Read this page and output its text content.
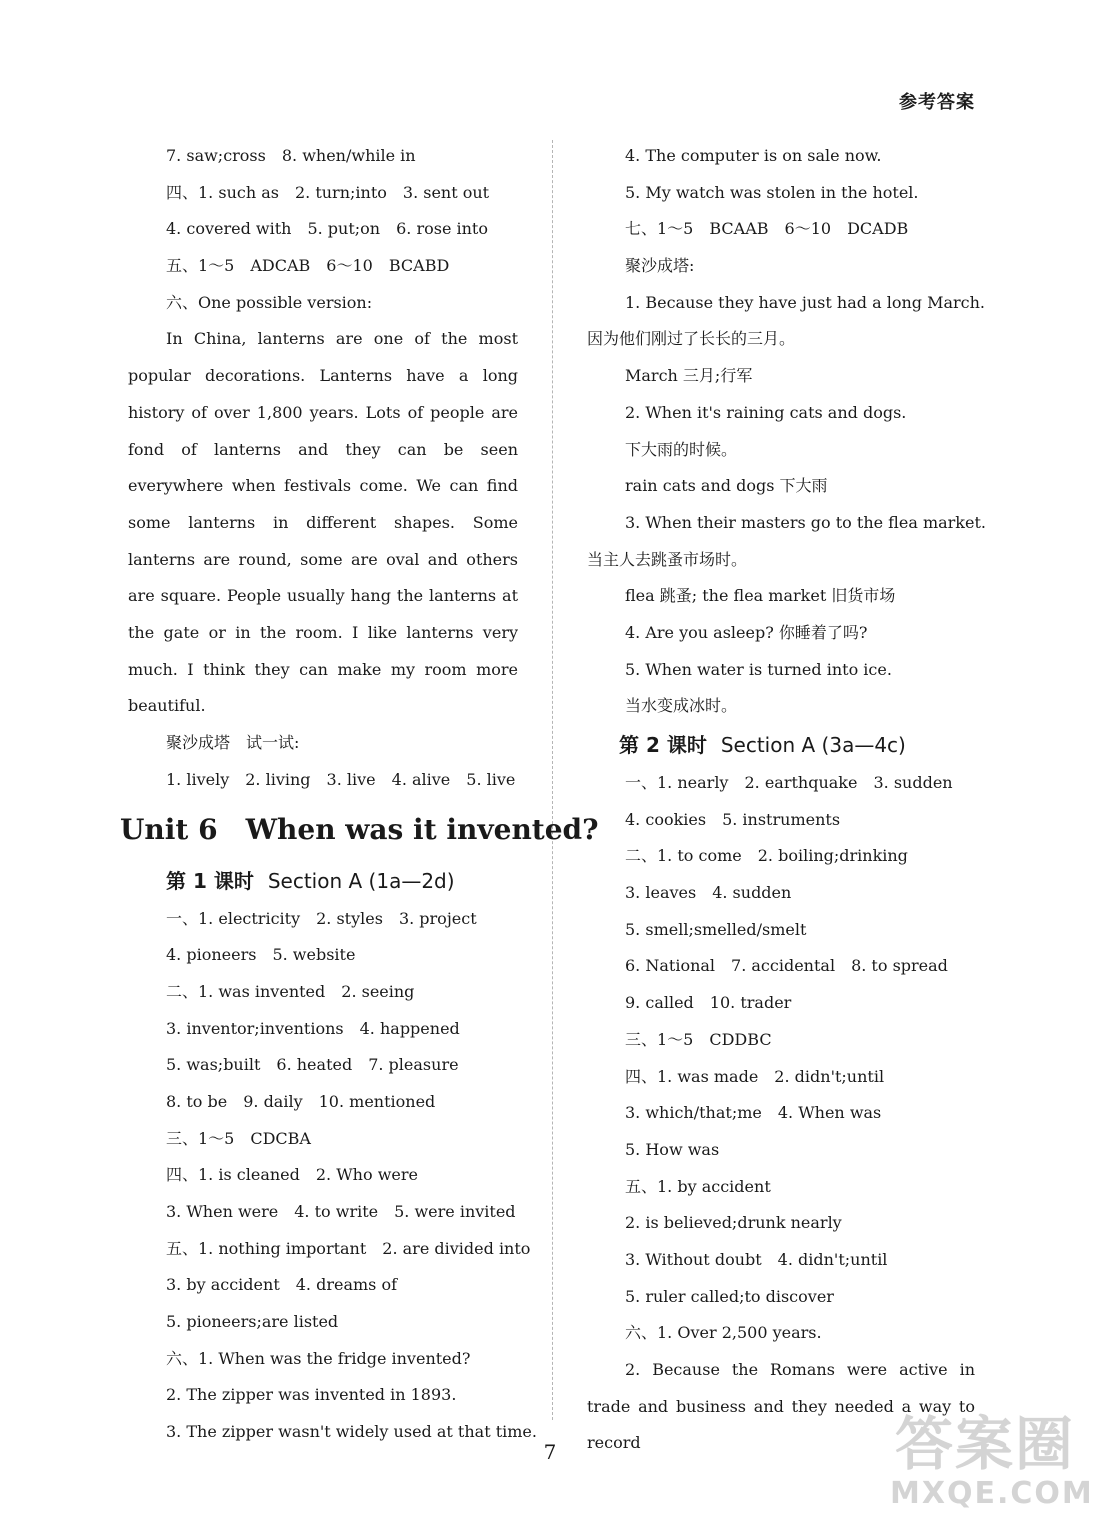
参考答案
7. saw;cross　8. when/while in
四、1. such as　2. turn;into　3. sent out
4. covered with　5. put;on　6. rose into
五、1～5　ADCAB　6～10　BCABD
六、One possible version:

In China, lanterns are one of the most popular decorations. Lanterns have a long history of over 1,800 years. Lots of people are fond of lanterns and they can be seen everywhere when festivals come. We can find some lanterns in different shapes. Some lanterns are round, some are oval and others are square. People usually hang the lanterns at the gate or in the room. I like lanterns very much. I think they can make my room more beautiful.

聚沙成塔　试一试:
1. lively　2. living　3. live　4. alive　5. live
Unit 6　When was it invented?
第 1 课时 Section A (1a—2d)
一、1. electricity　2. styles　3. project
4. pioneers　5. website
二、1. was invented　2. seeing
3. inventor;inventions　4. happened
5. was;built　6. heated　7. pleasure
8. to be　9. daily　10. mentioned
三、1～5　CDCBA
四、1. is cleaned　2. Who were
3. When were　4. to write　5. were invited
五、1. nothing important　2. are divided into
3. by accident　4. dreams of
5. pioneers;are listed
六、1. When was the fridge invented?
2. The zipper was invented in 1893.
3. The zipper wasn't widely used at that time.
4. The computer is on sale now.
5. My watch was stolen in the hotel.
七、1～5　BCAAB　6～10　DCADB
聚沙成塔:
1. Because they have just had a long March.
因为他们刚过了长长的三月。
March 三月;行军
2. When it's raining cats and dogs.
下大雨的时候。
rain cats and dogs 下大雨
3. When their masters go to the flea market.
当主人去跳蚤市场时。
flea 跳蚤; the flea market 旧货市场
4. Are you asleep? 你睡着了吗?
5. When water is turned into ice.
当水变成冰时。
第 2 课时 Section A (3a—4c)
一、1. nearly　2. earthquake　3. sudden
4. cookies　5. instruments
二、1. to come　2. boiling;drinking
3. leaves　4. sudden
5. smell;smelled/smelt
6. National　7. accidental　8. to spread
9. called　10. trader
三、1～5　CDDBC
四、1. was made　2. didn't;until
3. which/that;me　4. When was
5. How was
五、1. by accident
2. is believed;drunk nearly
3. Without doubt　4. didn't;until
5. ruler called;to discover
六、1. Over 2,500 years.

2. Because the Romans were active in trade and business and they needed a way to record

7	答案圈
MXQE.COM
